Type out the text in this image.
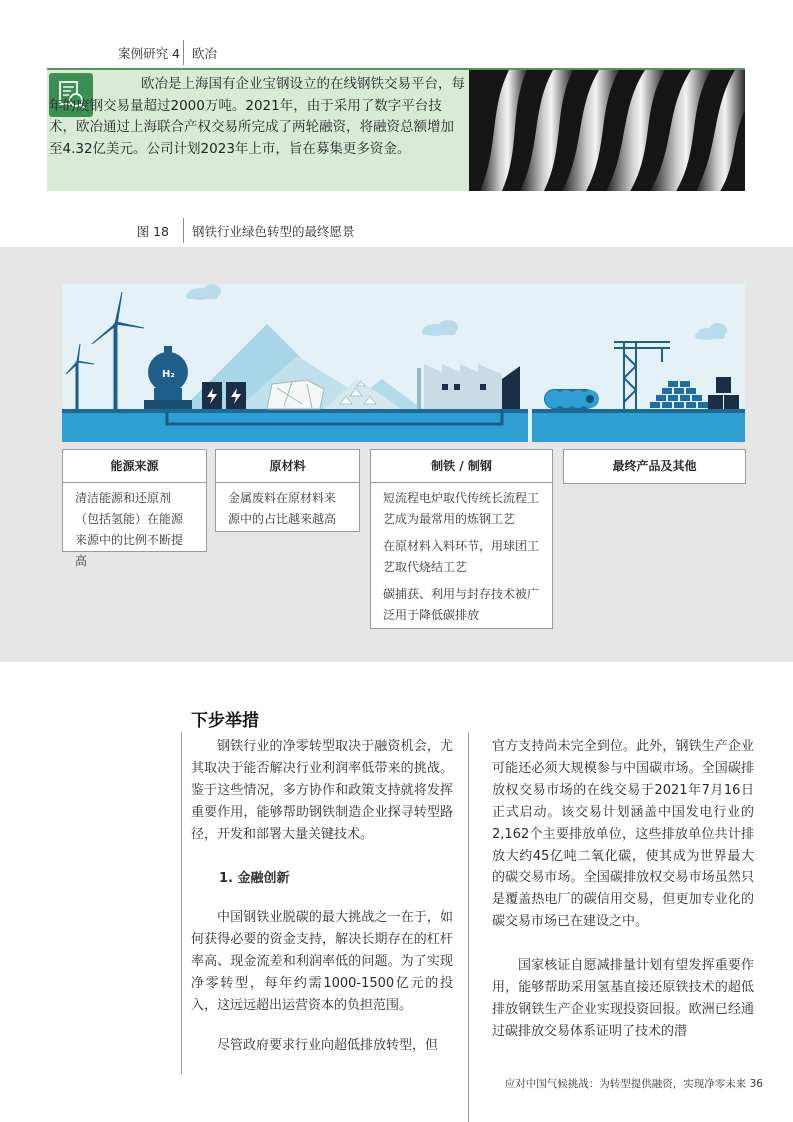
案例研究 4 欧冶
欧冶是上海国有企业宝钢设立的在线钢铁交易平台，每年的废钢交易量超过2000万吨。2021年，由于采用了数字平台技术，欧冶通过上海联合产权交易所完成了两轮融资，将融资总额增加至4.32亿美元。公司计划2023年上市，旨在募集更多资金。
图 18 钢铁行业绿色转型的最终愿景
H₂
能源来源

清洁能源和还原剂（包括氢能）在能源来源中的比例不断提高

原材料

金属废料在原材料来源中的占比越来越高

制铁 / 制钢

短流程电炉取代传统长流程工艺成为最常用的炼钢工艺

在原材料入料环节，用球团工艺取代烧结工艺

碳捕获、利用与封存技术被广泛用于降低碳排放

最终产品及其他
下步举措

钢铁行业的净零转型取决于融资机会，尤其取决于能否解决行业利润率低带来的挑战。鉴于这些情况，多方协作和政策支持就将发挥重要作用，能够帮助钢铁制造企业探寻转型路径，开发和部署大量关键技术。

1. 金融创新

中国钢铁业脱碳的最大挑战之一在于，如何获得必要的资金支持，解决长期存在的杠杆率高、现金流差和利润率低的问题。为了实现净零转型，每年约需1000-1500亿元的投入，这远远超出运营资本的负担范围。

尽管政府要求行业向超低排放转型，但

官方支持尚未完全到位。此外，钢铁生产企业可能还必须大规模参与中国碳市场。全国碳排放权交易市场的在线交易于2021年7月16日正式启动。该交易计划涵盖中国发电行业的2,162个主要排放单位，这些排放单位共计排放大约45亿吨二氧化碳，使其成为世界最大的碳交易市场。全国碳排放权交易市场虽然只是覆盖热电厂的碳信用交易，但更加专业化的碳交易市场已在建设之中。

国家核证自愿减排量计划有望发挥重要作用，能够帮助采用氢基直接还原铁技术的超低排放钢铁生产企业实现投资回报。欧洲已经通过碳排放交易体系证明了技术的潜

应对中国气候挑战：为转型提供融资，实现净零未来 36
